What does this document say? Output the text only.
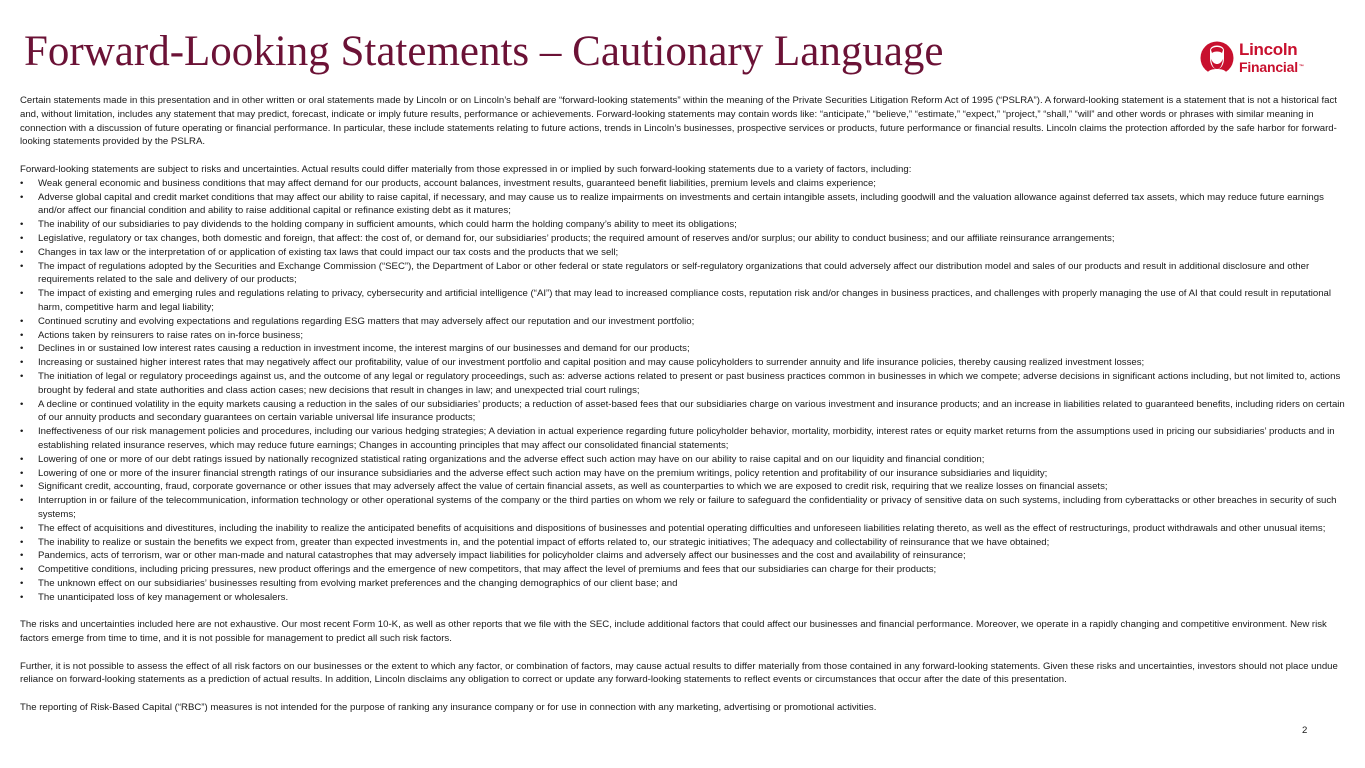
Forward-Looking Statements – Cautionary Language	Lincoln
Financial™

Certain statements made in this presentation and in other written or oral statements made by Lincoln or on Lincoln’s behalf are “forward-looking statements” within the meaning of the Private Securities Litigation Reform Act of 1995 (“PSLRA”). A forward-looking statement is a statement that is not a historical fact and, without limitation, includes any statement that may predict, forecast, indicate or imply future results, performance or achievements. Forward-looking statements may contain words like: “anticipate,” “believe,” “estimate,” “expect,” “project,” “shall,” “will” and other words or phrases with similar meaning in connection with a discussion of future operating or financial performance. In particular, these include statements relating to future actions, trends in Lincoln’s businesses, prospective services or products, future performance or financial results. Lincoln claims the protection afforded by the safe harbor for forward-looking statements provided by the PSLRA.

Forward-looking statements are subject to risks and uncertainties. Actual results could differ materially from those expressed in or implied by such forward-looking statements due to a variety of factors, including:

• Weak general economic and business conditions that may affect demand for our products, account balances, investment results, guaranteed benefit liabilities, premium levels and claims experience;
• Adverse global capital and credit market conditions that may affect our ability to raise capital, if necessary, and may cause us to realize impairments on investments and certain intangible assets, including goodwill and the valuation allowance against deferred tax assets, which may reduce future earnings and/or affect our financial condition and ability to raise additional capital or refinance existing debt as it matures;
• The inability of our subsidiaries to pay dividends to the holding company in sufficient amounts, which could harm the holding company’s ability to meet its obligations;
• Legislative, regulatory or tax changes, both domestic and foreign, that affect: the cost of, or demand for, our subsidiaries’ products; the required amount of reserves and/or surplus; our ability to conduct business; and our affiliate reinsurance arrangements;
• Changes in tax law or the interpretation of or application of existing tax laws that could impact our tax costs and the products that we sell;
• The impact of regulations adopted by the Securities and Exchange Commission (“SEC”), the Department of Labor or other federal or state regulators or self-regulatory organizations that could adversely affect our distribution model and sales of our products and result in additional disclosure and other requirements related to the sale and delivery of our products;
• The impact of existing and emerging rules and regulations relating to privacy, cybersecurity and artificial intelligence (“AI”) that may lead to increased compliance costs, reputation risk and/or changes in business practices, and challenges with properly managing the use of AI that could result in reputational harm, competitive harm and legal liability;
• Continued scrutiny and evolving expectations and regulations regarding ESG matters that may adversely affect our reputation and our investment portfolio;
• Actions taken by reinsurers to raise rates on in-force business;
• Declines in or sustained low interest rates causing a reduction in investment income, the interest margins of our businesses and demand for our products;
• Increasing or sustained higher interest rates that may negatively affect our profitability, value of our investment portfolio and capital position and may cause policyholders to surrender annuity and life insurance policies, thereby causing realized investment losses;
• The initiation of legal or regulatory proceedings against us, and the outcome of any legal or regulatory proceedings, such as: adverse actions related to present or past business practices common in businesses in which we compete; adverse decisions in significant actions including, but not limited to, actions brought by federal and state authorities and class action cases; new decisions that result in changes in law; and unexpected trial court rulings;
• A decline or continued volatility in the equity markets causing a reduction in the sales of our subsidiaries’ products; a reduction of asset-based fees that our subsidiaries charge on various investment and insurance products; and an increase in liabilities related to guaranteed benefits, including riders on certain of our annuity products and secondary guarantees on certain variable universal life insurance products;
• Ineffectiveness of our risk management policies and procedures, including our various hedging strategies; A deviation in actual experience regarding future policyholder behavior, mortality, morbidity, interest rates or equity market returns from the assumptions used in pricing our subsidiaries’ products and in establishing related insurance reserves, which may reduce future earnings; Changes in accounting principles that may affect our consolidated financial statements;
• Lowering of one or more of our debt ratings issued by nationally recognized statistical rating organizations and the adverse effect such action may have on our ability to raise capital and on our liquidity and financial condition;
• Lowering of one or more of the insurer financial strength ratings of our insurance subsidiaries and the adverse effect such action may have on the premium writings, policy retention and profitability of our insurance subsidiaries and liquidity;
• Significant credit, accounting, fraud, corporate governance or other issues that may adversely affect the value of certain financial assets, as well as counterparties to which we are exposed to credit risk, requiring that we realize losses on financial assets;
• Interruption in or failure of the telecommunication, information technology or other operational systems of the company or the third parties on whom we rely or failure to safeguard the confidentiality or privacy of sensitive data on such systems, including from cyberattacks or other breaches in security of such systems;
• The effect of acquisitions and divestitures, including the inability to realize the anticipated benefits of acquisitions and dispositions of businesses and potential operating difficulties and unforeseen liabilities relating thereto, as well as the effect of restructurings, product withdrawals and other unusual items;
• The inability to realize or sustain the benefits we expect from, greater than expected investments in, and the potential impact of efforts related to, our strategic initiatives; The adequacy and collectability of reinsurance that we have obtained;
• Pandemics, acts of terrorism, war or other man-made and natural catastrophes that may adversely impact liabilities for policyholder claims and adversely affect our businesses and the cost and availability of reinsurance;
• Competitive conditions, including pricing pressures, new product offerings and the emergence of new competitors, that may affect the level of premiums and fees that our subsidiaries can charge for their products;
• The unknown effect on our subsidiaries’ businesses resulting from evolving market preferences and the changing demographics of our client base; and
• The unanticipated loss of key management or wholesalers.

The risks and uncertainties included here are not exhaustive. Our most recent Form 10-K, as well as other reports that we file with the SEC, include additional factors that could affect our businesses and financial performance. Moreover, we operate in a rapidly changing and competitive environment. New risk factors emerge from time to time, and it is not possible for management to predict all such risk factors.

Further, it is not possible to assess the effect of all risk factors on our businesses or the extent to which any factor, or combination of factors, may cause actual results to differ materially from those contained in any forward-looking statements. Given these risks and uncertainties, investors should not place undue reliance on forward-looking statements as a prediction of actual results. In addition, Lincoln disclaims any obligation to correct or update any forward-looking statements to reflect events or circumstances that occur after the date of this presentation.

The reporting of Risk-Based Capital (“RBC”) measures is not intended for the purpose of ranking any insurance company or for use in connection with any marketing, advertising or promotional activities.

2
